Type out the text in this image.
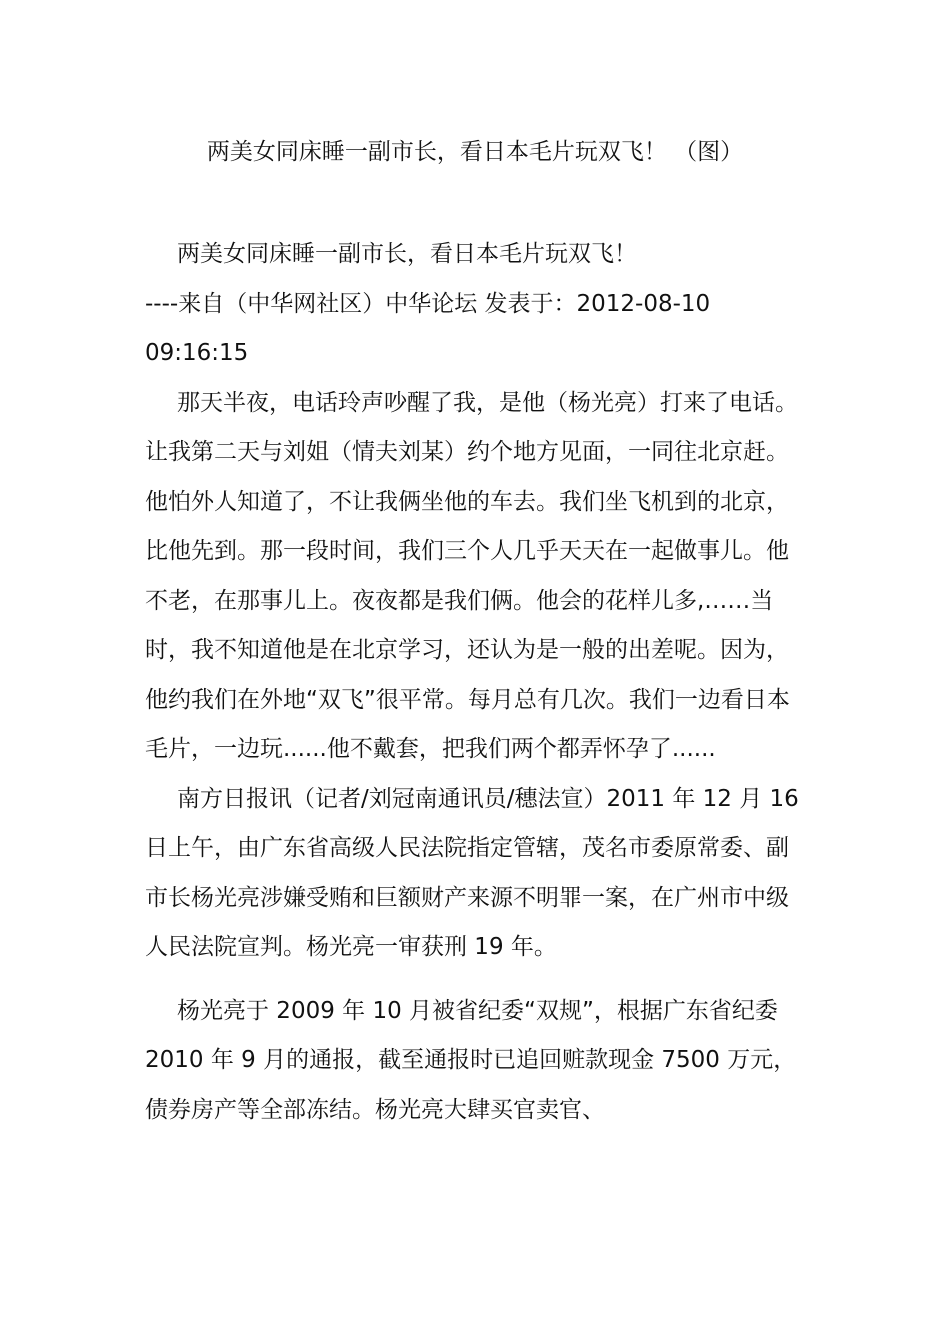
两美女同床睡一副市长，看日本毛片玩双飞！ （图）

两美女同床睡一副市长，看日本毛片玩双飞！

----来自（中华网社区）中华论坛 发表于：2012-08-10 09:16:15

那天半夜，电话玲声吵醒了我，是他（杨光亮）打来了电话。让我第二天与刘姐（情夫刘某）约个地方见面，一同往北京赶。他怕外人知道了，不让我俩坐他的车去。我们坐飞机到的北京，比他先到。那一段时间，我们三个人几乎天天在一起做事儿。他不老，在那事儿上。夜夜都是我们俩。他会的花样儿多,……当时，我不知道他是在北京学习，还认为是一般的出差呢。因为，他约我们在外地“双飞”很平常。每月总有几次。我们一边看日本毛片，一边玩......他不戴套，把我们两个都弄怀孕了......

南方日报讯（记者/刘冠南通讯员/穗法宣）2011 年 12 月 16 日上午，由广东省高级人民法院指定管辖，茂名市委原常委、副市长杨光亮涉嫌受贿和巨额财产来源不明罪一案，在广州市中级人民法院宣判。杨光亮一审获刑 19 年。

杨光亮于 2009 年 10 月被省纪委“双规”，根据广东省纪委 2010 年 9 月的通报，截至通报时已追回赃款现金 7500 万元，债券房产等全部冻结。杨光亮大肆买官卖官、
